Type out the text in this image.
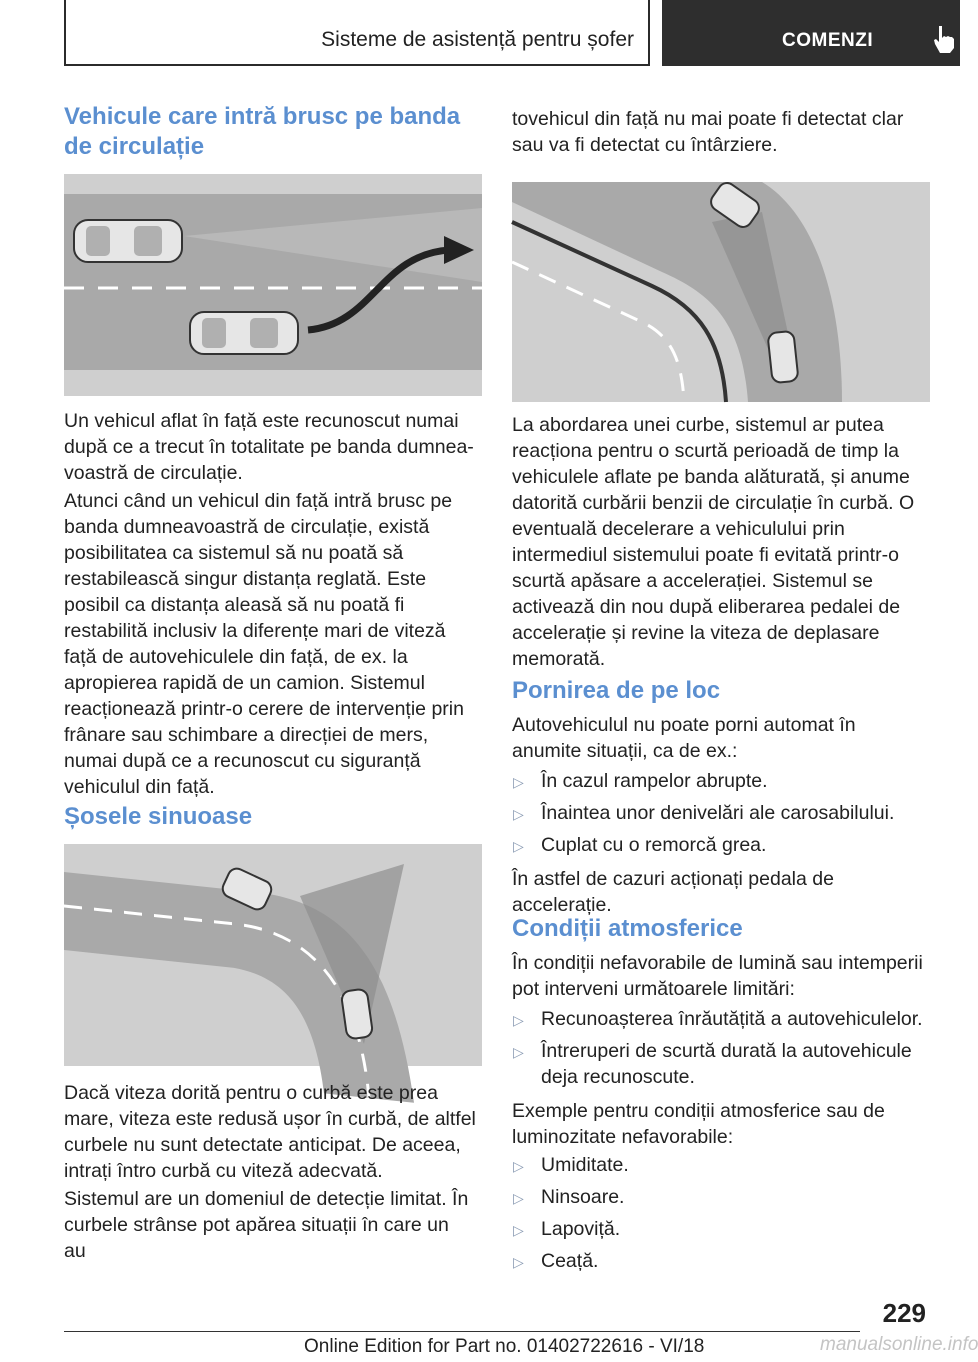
Sisteme de asistență pentru șofer	COMENZI
Vehicule care intră brusc pe banda de circulație

Un vehicul aflat în față este recunoscut numai după ce a trecut în totalitate pe banda dumneavoastră de circulație.

Atunci când un vehicul din față intră brusc pe banda dumneavoastră de circulație, există posibilitatea ca sistemul să nu poată să restabilească singur distanța reglată. Este posibil ca distanța aleasă să nu poată fi restabilită inclusiv la diferențe mari de viteză față de autovehiculele din față, de ex. la apropierea rapidă de un camion. Sistemul reacționează printr-o cerere de intervenție prin frânare sau schimbare a direcției de mers, numai după ce a recunoscut cu siguranță vehiculul din față.

Șosele sinuoase

Dacă viteza dorită pentru o curbă este prea mare, viteza este redusă ușor în curbă, de altfel curbele nu sunt detectate anticipat. De aceea, intrați întro curbă cu viteză adecvată.

Sistemul are un domeniul de detecție limitat. În curbele strânse pot apărea situații în care un au

tovehicul din față nu mai poate fi detectat clar sau va fi detectat cu întârziere.

La abordarea unei curbe, sistemul ar putea reacționa pentru o scurtă perioadă de timp la vehiculele aflate pe banda alăturată, și anume datorită curbării benzii de circulație în curbă. O eventuală decelerare a vehiculului prin intermediul sistemului poate fi evitată printr-o scurtă apăsare a accelerației. Sistemul se activează din nou după eliberarea pedalei de accelerație și revine la viteza de deplasare memorată.

Pornirea de pe loc

Autovehiculul nu poate porni automat în anumite situații, ca de ex.:

▷ În cazul rampelor abrupte.
▷ Înaintea unor denivelări ale carosabilului.
▷ Cuplat cu o remorcă grea.

În astfel de cazuri acționați pedala de accelerație.

Condiții atmosferice

În condiții nefavorabile de lumină sau intemperii pot interveni următoarele limitări:

▷ Recunoașterea înrăutățită a autovehiculelor.
▷ Întreruperi de scurtă durată la autovehicule deja recunoscute.

Exemple pentru condiții atmosferice sau de luminozitate nefavorabile:

▷ Umiditate.
▷ Ninsoare.
▷ Lapoviță.
▷ Ceață.
229
Online Edition for Part no. 01402722616 - VI/18	manualsonline.info
